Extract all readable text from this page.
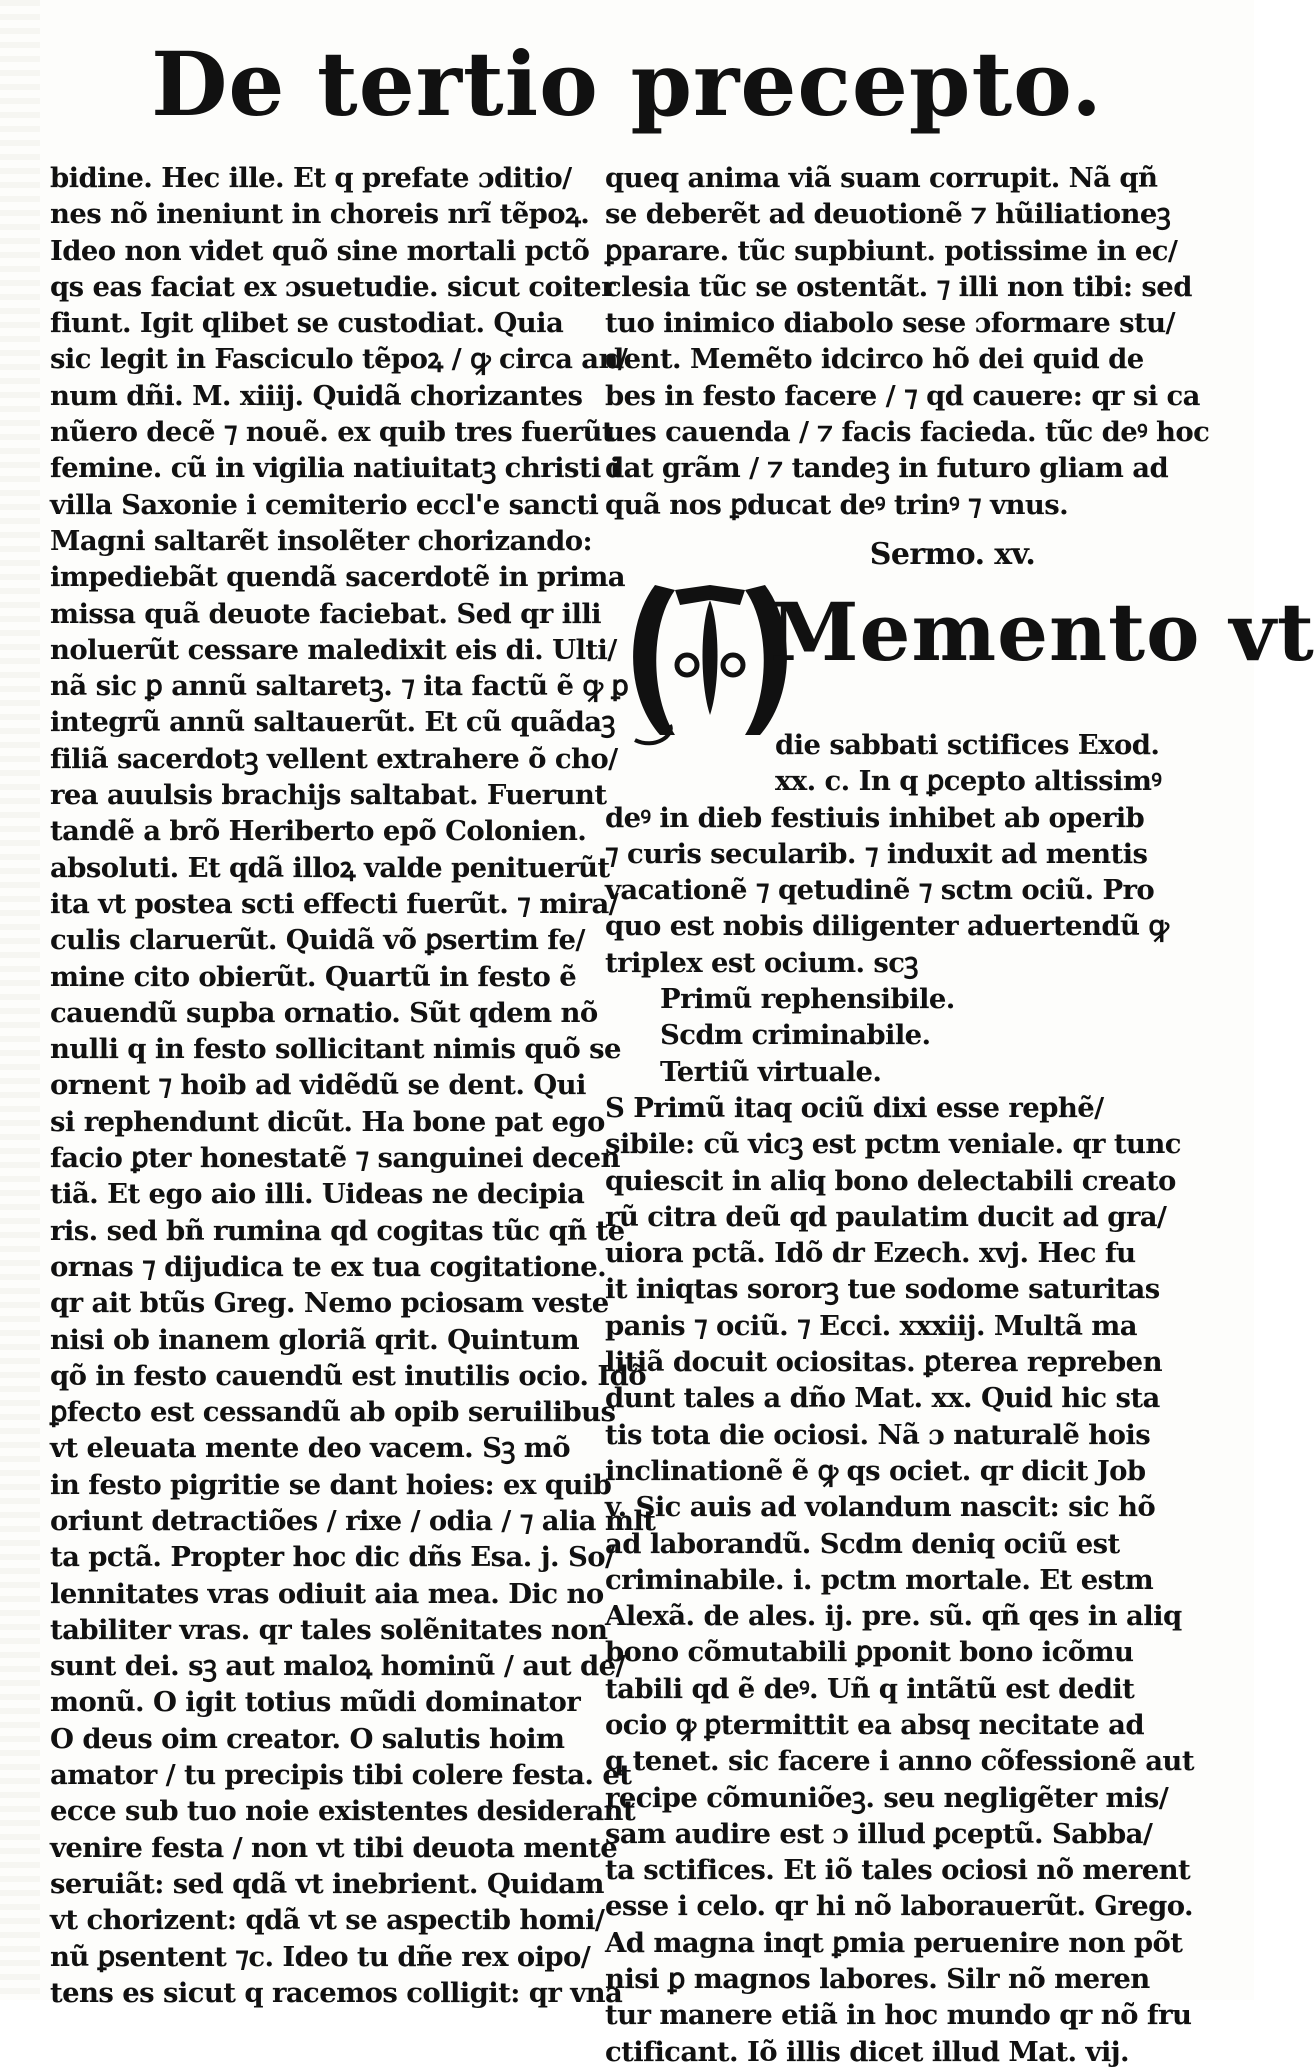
De tertio precepto.
bidine. Hec ille. Et q prefate ɔditio/
nes nõ ineniunt in choreis nrĩ tẽpoꝝ.
Ideo non videt quõ sine mortali pctõ
qs eas faciat ex ɔsuetudie. sicut coiter
fiunt. Igit qlibet se custodiat. Quia
sic legit in Fasciculo tẽpoꝝ / ꝙ circa an/
num dñi. M. xiiij. Quidã chorizantes
nũero decẽ ⁊ nouẽ. ex quib tres fuerũt
femine. cũ in vigilia natiuitatꝫ christi i
villa Saxonie i cemiterio eccl'e sancti
Magni saltarẽt insolẽter chorizando:
impediebãt quendã sacerdotẽ in prima
missa quã deuote faciebat. Sed qr illi
noluerũt cessare maledixit eis di. Ulti/
nã sic ꝑ annũ saltaretꝫ. ⁊ ita factũ ẽ ꝙ ꝑ
integrũ annũ saltauerũt. Et cũ quãdaꝫ
filiã sacerdotꝫ vellent extrahere õ cho/
rea auulsis brachijs saltabat. Fuerunt
tandẽ a brõ Heriberto epõ Colonien.
absoluti. Et qdã illoꝝ valde penituerũt
ita vt postea scti effecti fuerũt. ⁊ mira/
culis claruerũt. Quidã võ ꝑsertim fe/
mine cito obierũt. Quartũ in festo ẽ
cauendũ supba ornatio. Sũt qdem nõ
nulli q in festo sollicitant nimis quõ se
ornent ⁊ hoib ad vidẽdũ se dent. Qui
si rephendunt dicũt. Ha bone pat ego
facio ꝑter honestatẽ ⁊ sanguinei decen
tiã. Et ego aio illi. Uideas ne decipia
ris. sed bñ rumina qd cogitas tũc qñ te
ornas ⁊ dijudica te ex tua cogitatione.
qr ait btũs Greg. Nemo pciosam veste
nisi ob inanem gloriã qrit. Quintum
qõ in festo cauendũ est inutilis ocio. Idõ
ꝑfecto est cessandũ ab opib seruilibus
vt eleuata mente deo vacem. Sꝫ mõ
in festo pigritie se dant hoies: ex quib
oriunt detractiões / rixe / odia / ⁊ alia mlt
ta pctã. Propter hoc dic dñs Esa. j. So/
lennitates vras odiuit aia mea. Dic no
tabiliter vras. qr tales solẽnitates non
sunt dei. sꝫ aut maloꝝ hominũ / aut de/
monũ. O igit totius mũdi dominator
O deus oim creator. O salutis hoim
amator / tu precipis tibi colere festa. et
ecce sub tuo noie existentes desiderant
venire festa / non vt tibi deuota mente
seruiãt: sed qdã vt inebrient. Quidam
vt chorizent: qdã vt se aspectib homi/
nũ ꝑsentent ⁊c. Ideo tu dñe rex oipo/
tens es sicut q racemos colligit: qr vna
queq anima viã suam corrupit. Nã qñ
se deberẽt ad deuotionẽ ⁊ hũiliationeꝫ
ꝑparare. tũc supbiunt. potissime in ec/
clesia tũc se ostentãt. ⁊ illi non tibi: sed
tuo inimico diabolo sese ɔformare stu/
dent. Memẽto idcirco hõ dei quid de
bes in festo facere / ⁊ qd cauere: qr si ca
ues cauenda / ⁊ facis facieda. tũc deꝰ hoc
dat grãm / ⁊ tandeꝫ in futuro gliam ad
quã nos ꝑducat deꝰ trinꝰ ⁊ vnus.
Sermo. xv.
Memento vt
die sabbati sctifices Exod.
xx. c. In q ꝑcepto altissimꝰ
deꝰ in dieb festiuis inhibet ab operib
⁊ curis secularib. ⁊ induxit ad mentis
vacationẽ ⁊ qetudinẽ ⁊ sctm ociũ. Pro
quo est nobis diligenter aduertendũ ꝙ
triplex est ocium. scꝫ
Primũ rephensibile.
Scdm criminabile.
Tertiũ virtuale.
S Primũ itaq ociũ dixi esse rephẽ/
sibile: cũ vicꝫ est pctm veniale. qr tunc
quiescit in aliq bono delectabili creato
rũ citra deũ qd paulatim ducit ad gra/
uiora pctã. Idõ dr Ezech. xvj. Hec fu
it iniqtas sororꝫ tue sodome saturitas
panis ⁊ ociũ. ⁊ Ecci. xxxiij. Multã ma
litiã docuit ociositas. ꝑterea repreben
dunt tales a dño Mat. xx. Quid hic sta
tis tota die ociosi. Nã ɔ naturalẽ hois
inclinationẽ ẽ ꝙ qs ociet. qr dicit Job
v. Sic auis ad volandum nascit: sic hõ
ad laborandũ. Scdm deniq ociũ est
criminabile. i. pctm mortale. Et estm
Alexã. de ales. ij. pre. sũ. qñ qes in aliq
bono cõmutabili ꝑponit bono icõmu
tabili qd ẽ deꝰ. Uñ q intãtũ est dedit
ocio ꝙ ꝑtermittit ea absq necitate ad
q tenet. sic facere i anno cõfessionẽ aut
recipe cõmuniõeꝫ. seu negligẽter mis/
sam audire est ɔ illud ꝑceptũ. Sabba/
ta sctifices. Et iõ tales ociosi nõ merent
esse i celo. qr hi nõ laborauerũt. Grego.
Ad magna inqt ꝑmia peruenire non põt
nisi ꝑ magnos labores. Silr nõ meren
tur manere etiã in hoc mundo qr nõ fru
ctificant. Iõ illis dicet illud Mat. vij.
